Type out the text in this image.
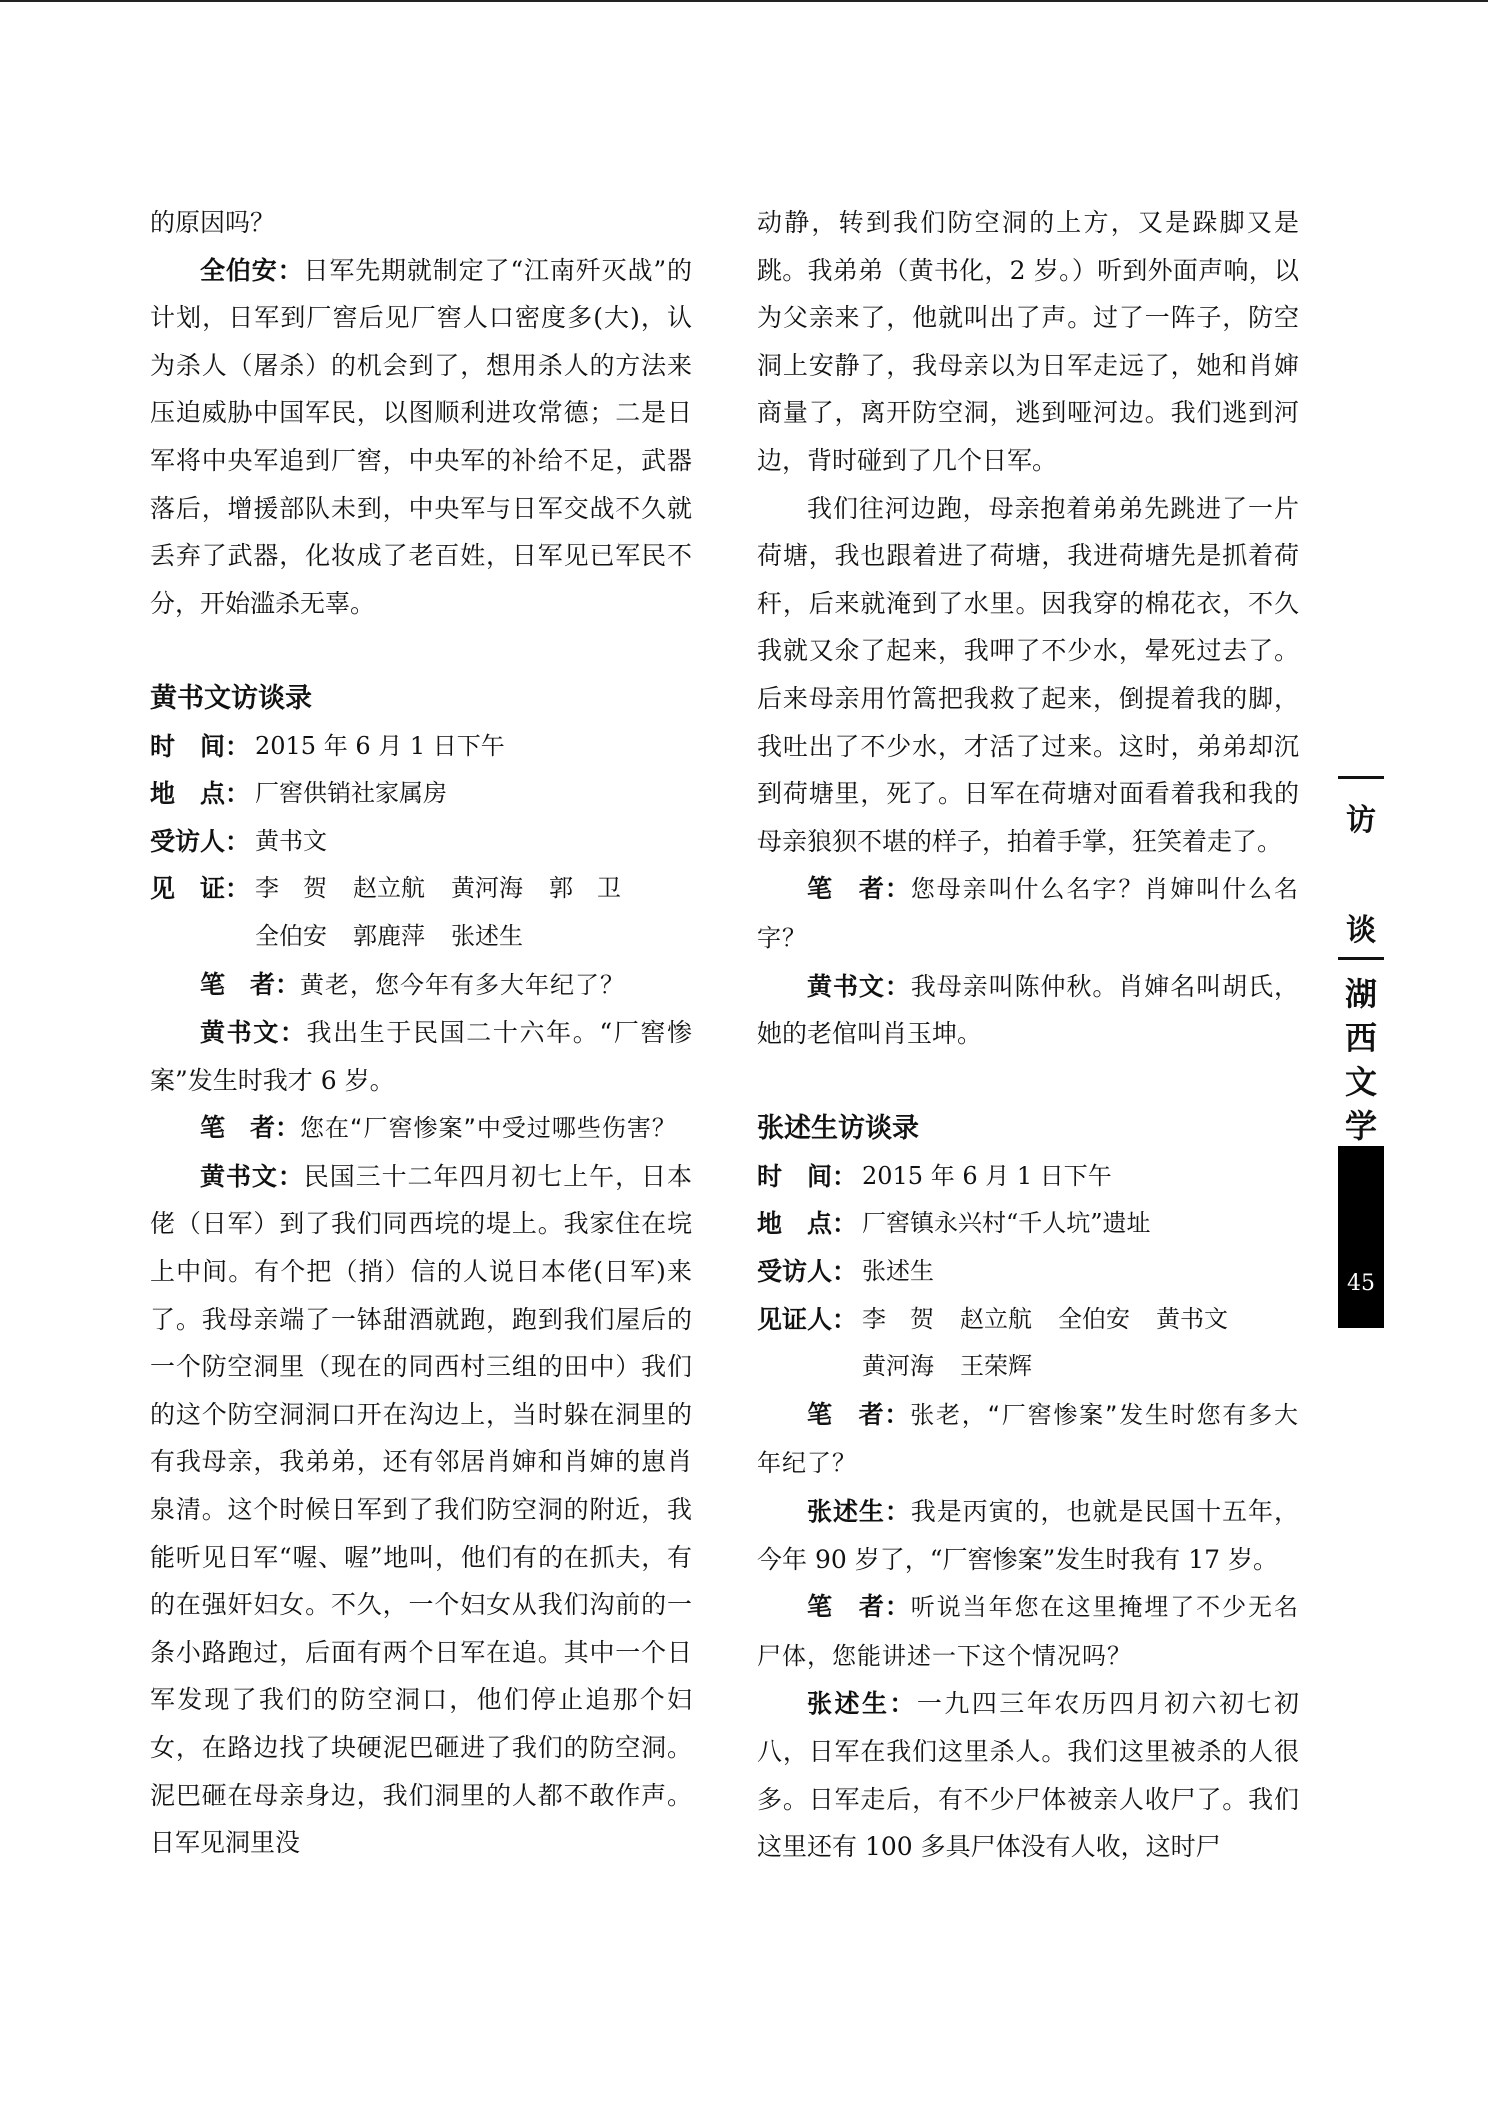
的原因吗？

全伯安：日军先期就制定了“江南歼灭战”的计划，日军到厂窖后见厂窖人口密度多(大)，认为杀人（屠杀）的机会到了，想用杀人的方法来压迫威胁中国军民，以图顺利进攻常德；二是日军将中央军追到厂窖，中央军的补给不足，武器落后，增援部队未到，中央军与日军交战不久就丢弃了武器，化妆成了老百姓，日军见已军民不分，开始滥杀无辜。

黄书文访谈录

时　间： 2015 年 6 月 1 日下午
地　点： 厂窖供销社家属房
受访人： 黄书文
见　证： 李　贺 赵立航 黄河海 郭　卫

全伯安 郭鹿萍 张述生

笔　者：黄老，您今年有多大年纪了？

黄书文：我出生于民国二十六年。“厂窖惨案”发生时我才 6 岁。

笔　者：您在“厂窖惨案”中受过哪些伤害？

黄书文：民国三十二年四月初七上午，日本佬（日军）到了我们同西垸的堤上。我家住在垸上中间。有个把（捎）信的人说日本佬(日军)来了。我母亲端了一钵甜酒就跑，跑到我们屋后的一个防空洞里（现在的同西村三组的田中）我们的这个防空洞洞口开在沟边上，当时躲在洞里的有我母亲，我弟弟，还有邻居肖婶和肖婶的崽肖泉清。这个时候日军到了我们防空洞的附近，我能听见日军“喔、喔”地叫，他们有的在抓夫，有的在强奸妇女。不久，一个妇女从我们沟前的一条小路跑过，后面有两个日军在追。其中一个日军发现了我们的防空洞口，他们停止追那个妇女，在路边找了块硬泥巴砸进了我们的防空洞。泥巴砸在母亲身边，我们洞里的人都不敢作声。日军见洞里没

动静，转到我们防空洞的上方，又是跺脚又是跳。我弟弟（黄书化，2 岁。）听到外面声响，以为父亲来了，他就叫出了声。过了一阵子，防空洞上安静了，我母亲以为日军走远了，她和肖婶商量了，离开防空洞，逃到哑河边。我们逃到河边，背时碰到了几个日军。

我们往河边跑，母亲抱着弟弟先跳进了一片荷塘，我也跟着进了荷塘，我进荷塘先是抓着荷秆，后来就淹到了水里。因我穿的棉花衣，不久我就又氽了起来，我呷了不少水，晕死过去了。后来母亲用竹篙把我救了起来，倒提着我的脚，我吐出了不少水，才活了过来。这时，弟弟却沉到荷塘里，死了。日军在荷塘对面看着我和我的母亲狼狈不堪的样子，拍着手掌，狂笑着走了。

笔　者：您母亲叫什么名字？肖婶叫什么名字？

黄书文：我母亲叫陈仲秋。肖婶名叫胡氏，她的老倌叫肖玉坤。

张述生访谈录

时　间： 2015 年 6 月 1 日下午
地　点： 厂窖镇永兴村“千人坑”遗址
受访人： 张述生
见证人： 李　贺 赵立航 全伯安 黄书文

黄河海 王荣辉

笔　者：张老，“厂窖惨案”发生时您有多大年纪了？

张述生：我是丙寅的，也就是民国十五年，今年 90 岁了，“厂窖惨案”发生时我有 17 岁。

笔　者：听说当年您在这里掩埋了不少无名尸体，您能讲述一下这个情况吗？

张述生：一九四三年农历四月初六初七初八，日军在我们这里杀人。我们这里被杀的人很多。日军走后，有不少尸体被亲人收尸了。我们这里还有 100 多具尸体没有人收，这时尸

访
谈
湖
西
文
学
45
